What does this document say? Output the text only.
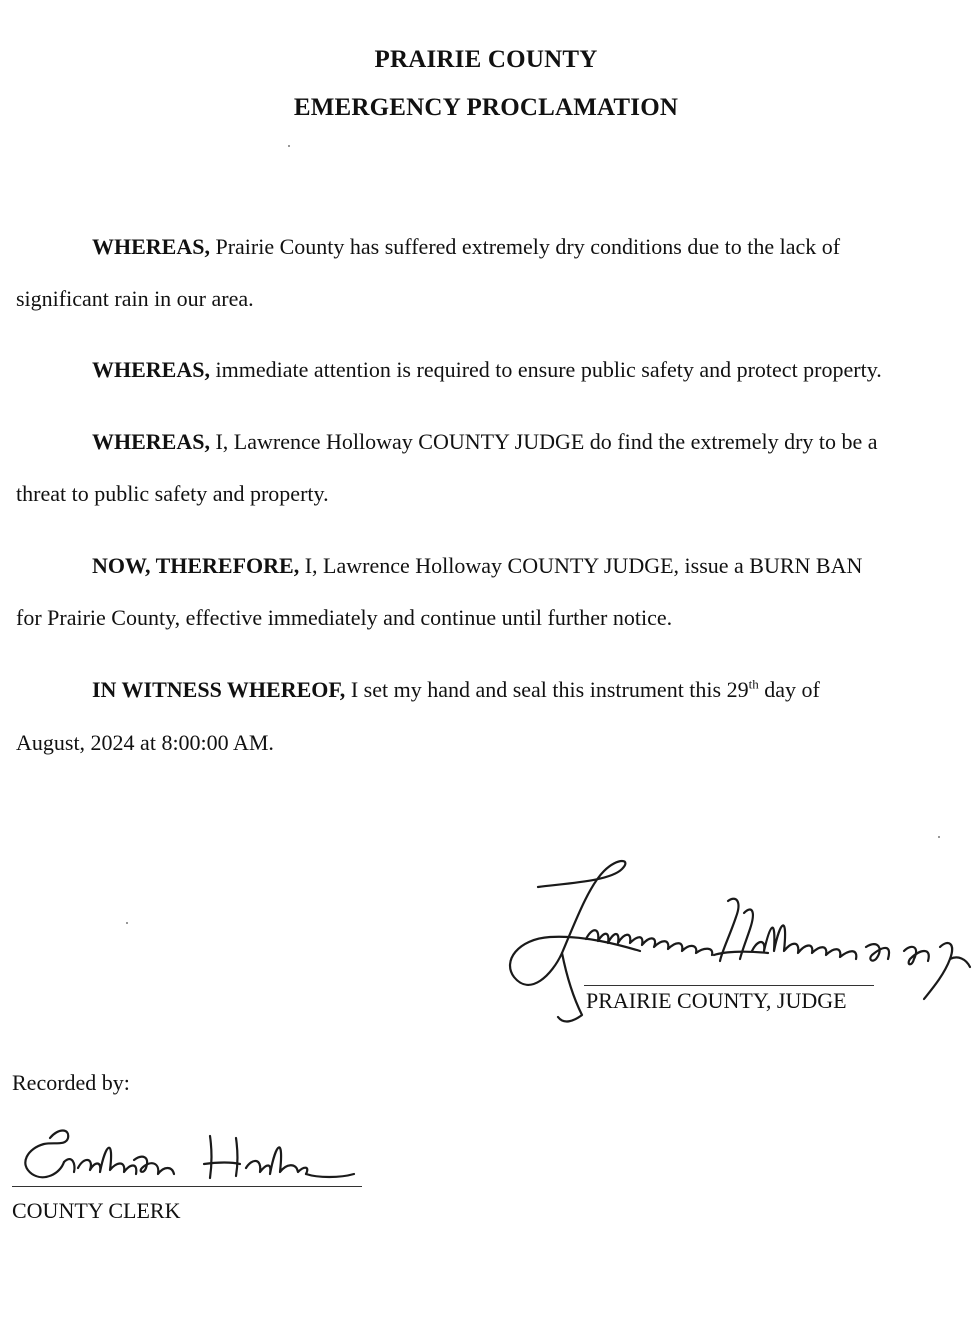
PRAIRIE COUNTY
EMERGENCY PROCLAMATION
WHEREAS, Prairie County has suffered extremely dry conditions due to the lack of
significant rain in our area.
WHEREAS, immediate attention is required to ensure public safety and protect property.
WHEREAS, I, Lawrence Holloway COUNTY JUDGE do find the extremely dry to be a
threat to public safety and property.
NOW, THEREFORE, I, Lawrence Holloway COUNTY JUDGE, issue a BURN BAN
for Prairie County, effective immediately and continue until further notice.
IN WITNESS WHEREOF, I set my hand and seal this instrument this 29th day of
August, 2024 at 8:00:00 AM.
PRAIRIE COUNTY, JUDGE
Recorded by:
COUNTY CLERK
